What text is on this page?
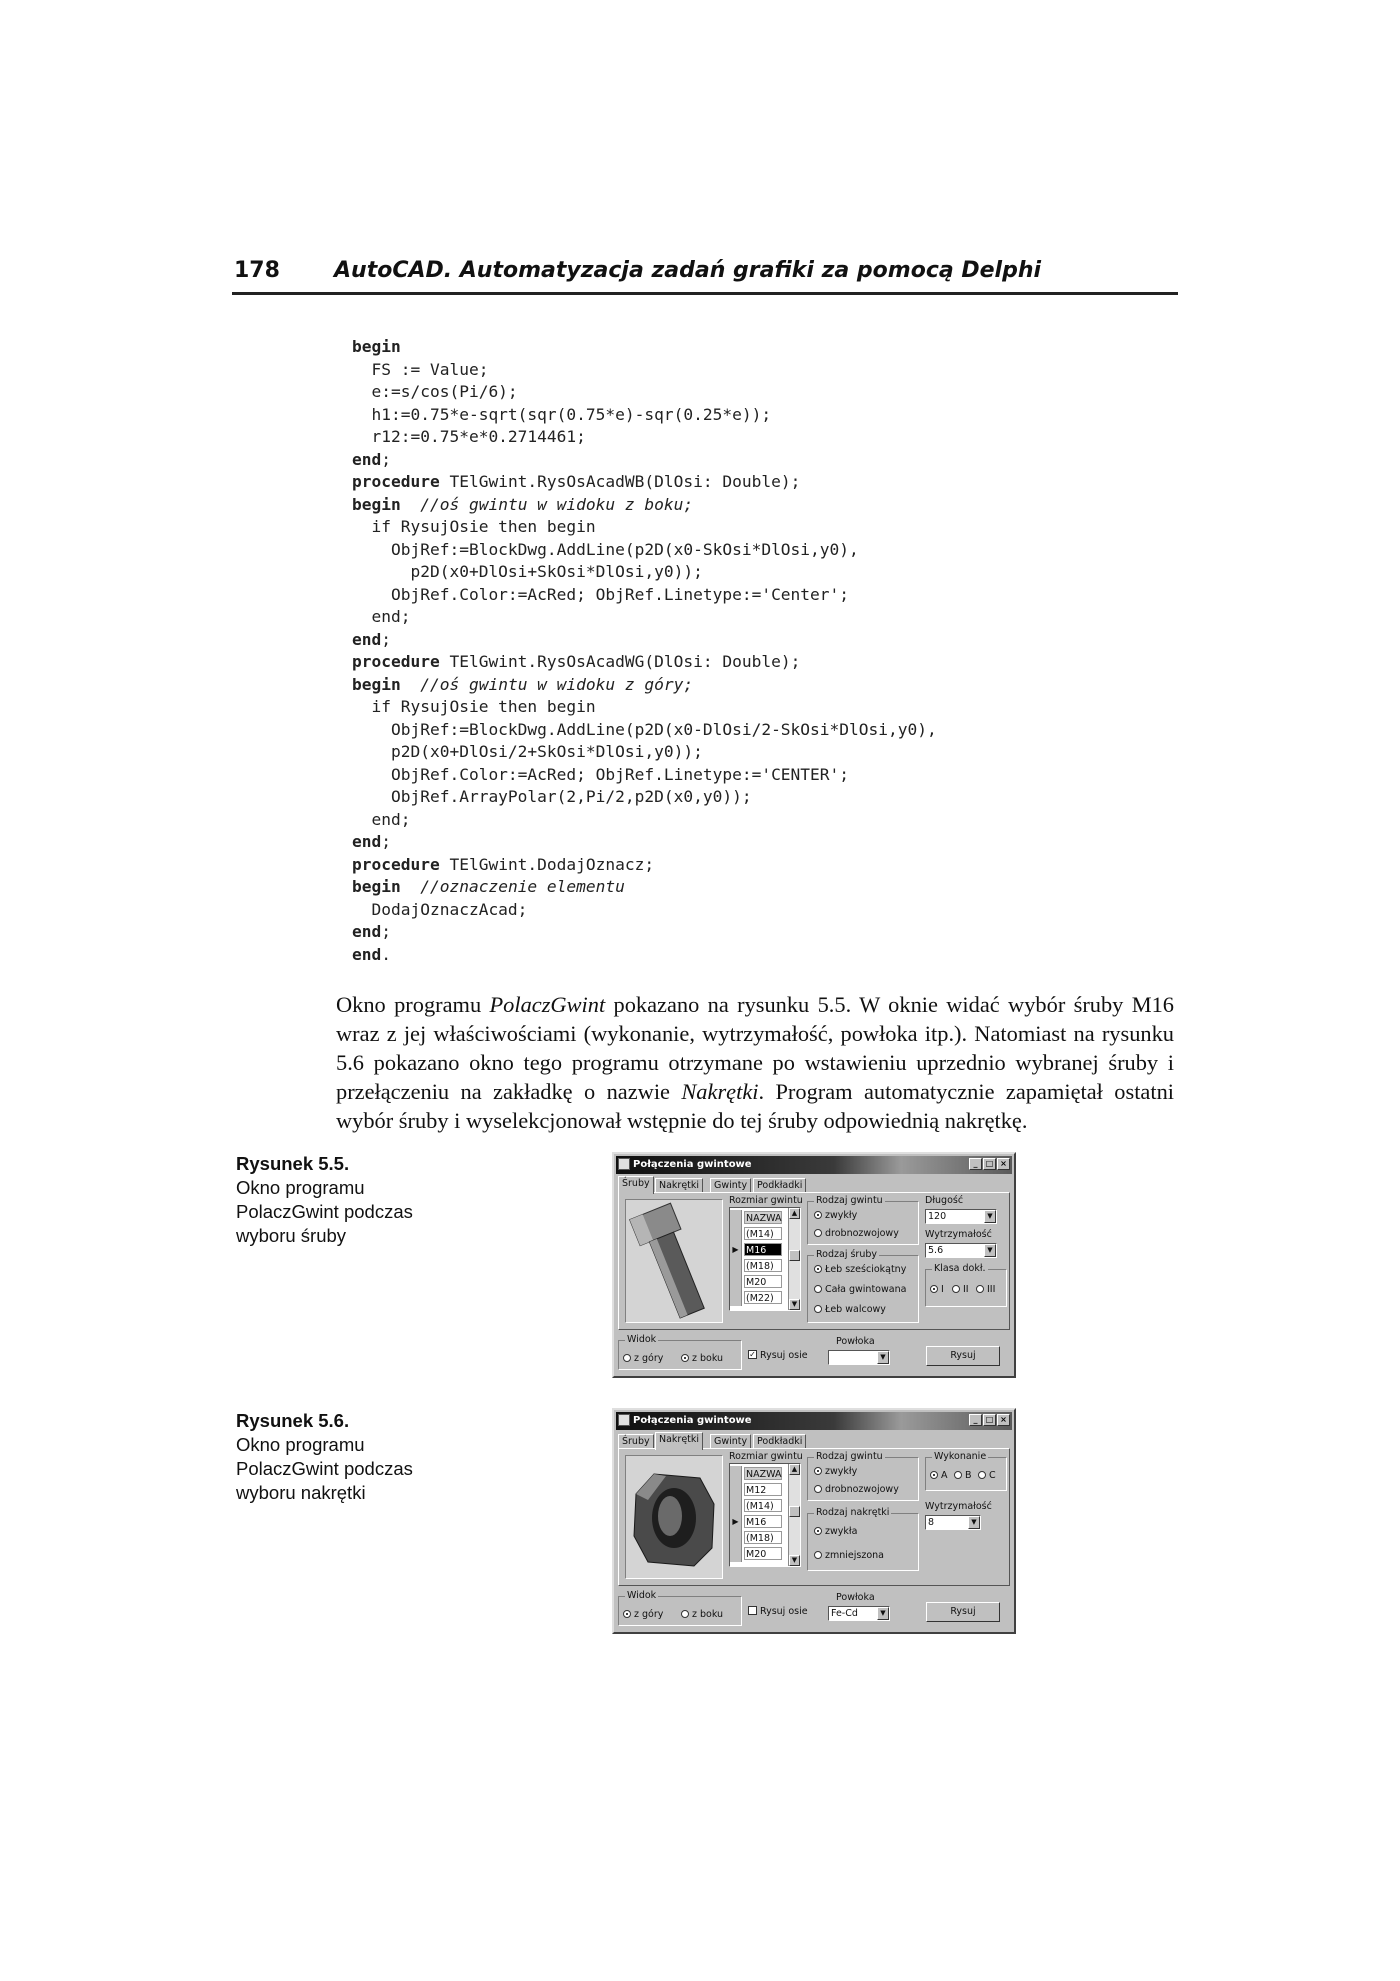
178 AutoCAD. Automatyzacja zadań grafiki za pomocą Delphi
begin
FS := Value;
e:=s/cos(Pi/6);
h1:=0.75*e-sqrt(sqr(0.75*e)-sqr(0.25*e));
r12:=0.75*e*0.2714461;
end;
procedure TElGwint.RysOsAcadWB(DlOsi: Double);
begin //oś gwintu w widoku z boku;
if RysujOsie then begin
ObjRef:=BlockDwg.AddLine(p2D(x0-SkOsi*DlOsi,y0),
p2D(x0+DlOsi+SkOsi*DlOsi,y0));
ObjRef.Color:=AcRed; ObjRef.Linetype:='Center';
end;
end;
procedure TElGwint.RysOsAcadWG(DlOsi: Double);
begin //oś gwintu w widoku z góry;
if RysujOsie then begin
ObjRef:=BlockDwg.AddLine(p2D(x0-DlOsi/2-SkOsi*DlOsi,y0),
p2D(x0+DlOsi/2+SkOsi*DlOsi,y0));
ObjRef.Color:=AcRed; ObjRef.Linetype:='CENTER';
ObjRef.ArrayPolar(2,Pi/2,p2D(x0,y0));
end;
end;
procedure TElGwint.DodajOznacz;
begin //oznaczenie elementu
DodajOznaczAcad;
end;
end.
Okno programu PolaczGwint pokazano na rysunku 5.5. W oknie widać wybór śruby M16 wraz z jej właściwościami (wykonanie, wytrzymałość, powłoka itp.). Natomiast na rysunku 5.6 pokazano okno tego programu otrzymane po wstawieniu uprzednio wybranej śruby i przełączeniu na zakładkę o nazwie Nakrętki. Program automatycznie zapamiętał ostatni wybór śruby i wyselekcjonował wstępnie do tej śruby odpowiednią nakrętkę.
Rysunek 5.5.
Okno programu PolaczGwint podczas wyboru śruby
Rysunek 5.6.
Okno programu PolaczGwint podczas wyboru nakrętki
Połączenia gwintowe	_	□ ×
Śruby Nakrętki	Gwinty	Podkładki
Rozmiar gwintu
NAZWA
(M14)
▶ M16
(M18)
M20
(M22)
▲
▼
Rodzaj gwintu
zwykły
drobnozwojowy
Rodzaj śruby
Łeb sześciokątny
Cała gwintowana
Łeb walcowy
Długość
120	▼
Wytrzymałość
5.6	▼
Klasa dokł.
I	II	III
Widok
z góry	z boku	✓ Rysuj osie
Powłoka
▼	Rysuj
Połączenia gwintowe	_	□ ×
Śruby Nakrętki	Gwinty	Podkładki
Rozmiar gwintu
NAZWA
M12
(M14)
▶ M16
(M18)
M20
▲
▼
Rodzaj gwintu
zwykły
drobnozwojowy
Rodzaj nakrętki
zwykła
zmniejszona
Wykonanie
A	B	C
Wytrzymałość
8	▼
Widok
z góry	z boku	Rysuj osie
Powłoka
Fe-Cd	▼	Rysuj
